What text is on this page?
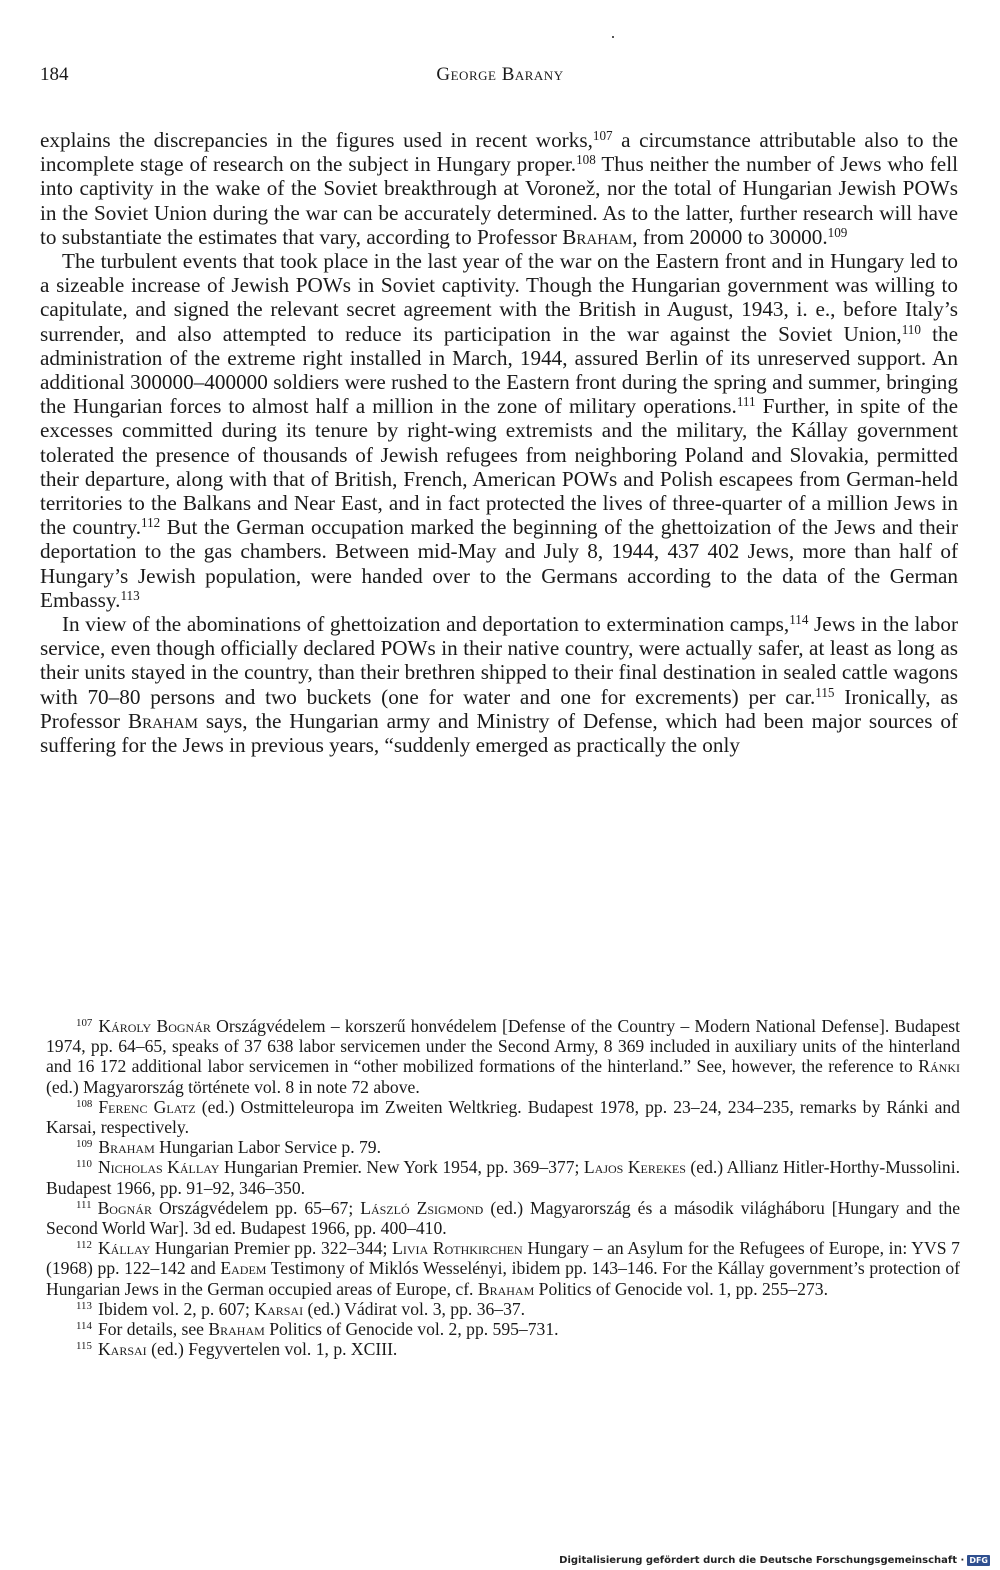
184	George Barany

explains the discrepancies in the figures used in recent works,$^{107}$ a circumstance attributable also to the incomplete stage of research on the subject in Hungary proper.$^{108}$ Thus neither the number of Jews who fell into captivity in the wake of the Soviet breakthrough at Voronež, nor the total of Hungarian Jewish POWs in the Soviet Union during the war can be accurately determined. As to the latter, further research will have to substantiate the estimates that vary, according to Professor Braham, from 20000 to 30000.$^{109}$

The turbulent events that took place in the last year of the war on the Eastern front and in Hungary led to a sizeable increase of Jewish POWs in Soviet captivity. Though the Hungarian government was willing to capitulate, and signed the relevant secret agreement with the British in August, 1943, i. e., before Italy’s surrender, and also attempted to reduce its participation in the war against the Soviet Union,$^{110}$ the administration of the extreme right installed in March, 1944, assured Berlin of its unreserved support. An additional 300000–400000 soldiers were rushed to the Eastern front during the spring and summer, bringing the Hungarian forces to almost half a million in the zone of military operations.$^{111}$ Further, in spite of the excesses committed during its tenure by right-wing extremists and the military, the Kállay government tolerated the presence of thousands of Jewish refugees from neighboring Poland and Slovakia, permitted their departure, along with that of British, French, American POWs and Polish escapees from German-held territories to the Balkans and Near East, and in fact protected the lives of three-quarter of a million Jews in the country.$^{112}$ But the German occupation marked the beginning of the ghettoization of the Jews and their deportation to the gas chambers. Between mid-May and July 8, 1944, 437 402 Jews, more than half of Hungary’s Jewish population, were handed over to the Germans according to the data of the German Embassy.$^{113}$

In view of the abominations of ghettoization and deportation to extermination camps,$^{114}$ Jews in the labor service, even though officially declared POWs in their native country, were actually safer, at least as long as their units stayed in the country, than their brethren shipped to their final destination in sealed cattle wagons with 70–80 persons and two buckets (one for water and one for excrements) per car.$^{115}$ Ironically, as Professor Braham says, the Hungarian army and Ministry of Defense, which had been major sources of suffering for the Jews in previous years, “suddenly emerged as practically the only

$^{107}$ Károly Bognár Országvédelem – korszerű honvédelem [Defense of the Country – Modern National Defense]. Budapest 1974, pp. 64–65, speaks of 37 638 labor servicemen under the Second Army, 8 369 included in auxiliary units of the hinterland and 16 172 additional labor servicemen in “other mobilized formations of the hinterland.” See, however, the reference to Ránki (ed.) Magyarország története vol. 8 in note 72 above.

$^{108}$ Ferenc Glatz (ed.) Ostmitteleuropa im Zweiten Weltkrieg. Budapest 1978, pp. 23–24, 234–235, remarks by Ránki and Karsai, respectively.

$^{109}$ Braham Hungarian Labor Service p. 79.

$^{110}$ Nicholas Kállay Hungarian Premier. New York 1954, pp. 369–377; Lajos Kerekes (ed.) Allianz Hitler-Horthy-Mussolini. Budapest 1966, pp. 91–92, 346–350.

$^{111}$ Bognár Országvédelem pp. 65–67; László Zsigmond (ed.) Magyarország és a második világháboru [Hungary and the Second World War]. 3d ed. Budapest 1966, pp. 400–410.

$^{112}$ Kállay Hungarian Premier pp. 322–344; Livia Rothkirchen Hungary – an Asylum for the Refugees of Europe, in: YVS 7 (1968) pp. 122–142 and Eadem Testimony of Miklós Wesselényi, ibidem pp. 143–146. For the Kállay government’s protection of Hungarian Jews in the German occupied areas of Europe, cf. Braham Politics of Genocide vol. 1, pp. 255–273.

$^{113}$ Ibidem vol. 2, p. 607; Karsai (ed.) Vádirat vol. 3, pp. 36–37.

$^{114}$ For details, see Braham Politics of Genocide vol. 2, pp. 595–731.

$^{115}$ Karsai (ed.) Fegyvertelen vol. 1, p. XCIII.

Digitalisierung gefördert durch die Deutsche Forschungsgemeinschaft · DFG
